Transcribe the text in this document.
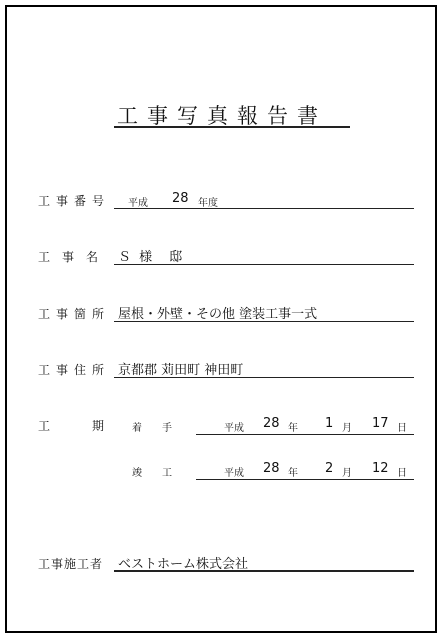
工事写真報告書
工事番号 平成 28 年度
工　事　名 Ｓ 様　邸
工事箇所 屋根・外壁・その他 塗装工事一式
工事住所 京都郡 苅田町 神田町
工	期	着　　手	平成 28 年 1 月 17 日
竣　　工	平成 28 年 2 月 12 日
工事施工者 ベストホーム株式会社
